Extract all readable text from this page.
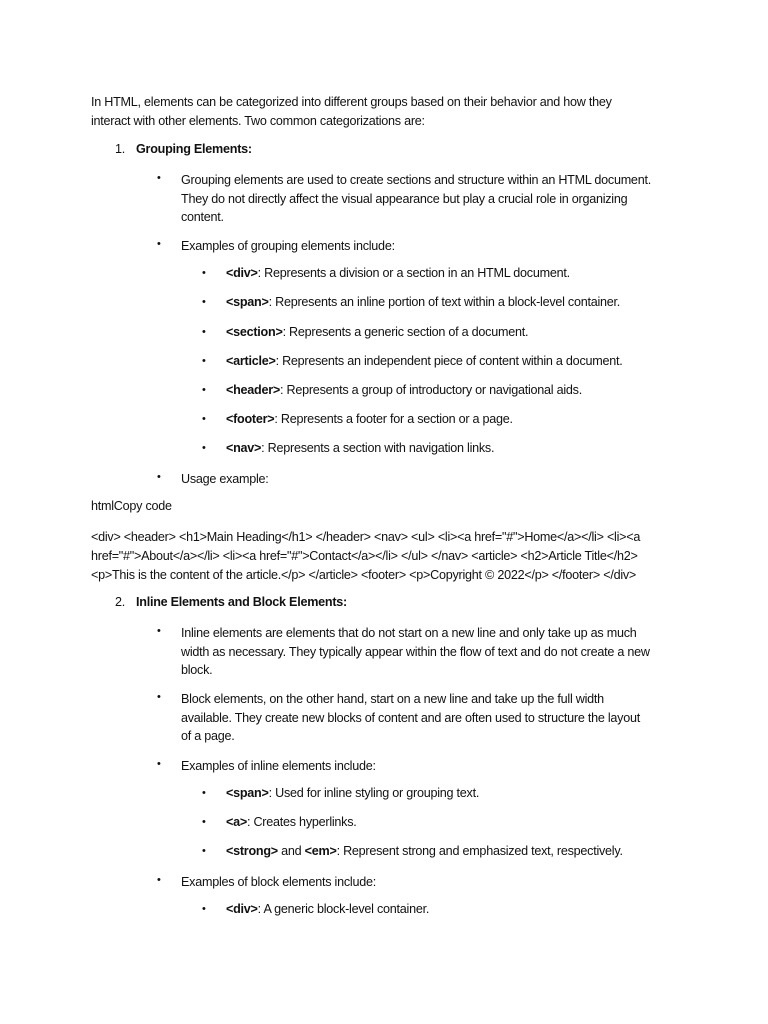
In HTML, elements can be categorized into different groups based on their behavior and how they
interact with other elements. Two common categorizations are:

1. Grouping Elements:
• Grouping elements are used to create sections and structure within an HTML document.
They do not directly affect the visual appearance but play a crucial role in organizing
content.

• Examples of grouping elements include:
• <div>: Represents a division or a section in an HTML document.
• <span>: Represents an inline portion of text within a block-level container.
• <section>: Represents a generic section of a document.
• <article>: Represents an independent piece of content within a document.
• <header>: Represents a group of introductory or navigational aids.
• <footer>: Represents a footer for a section or a page.
• <nav>: Represents a section with navigation links.
• Usage example:
htmlCopy code

<div> <header> <h1>Main Heading</h1> </header> <nav> <ul> <li><a href="#">Home</a></li> <li><a
href="#">About</a></li> <li><a href="#">Contact</a></li> </ul> </nav> <article> <h2>Article Title</h2>
<p>This is the content of the article.</p> </article> <footer> <p>Copyright © 2022</p> </footer> </div>

2. Inline Elements and Block Elements:
• Inline elements are elements that do not start on a new line and only take up as much
width as necessary. They typically appear within the flow of text and do not create a new
block.

• Block elements, on the other hand, start on a new line and take up the full width
available. They create new blocks of content and are often used to structure the layout
of a page.

• Examples of inline elements include:
• <span>: Used for inline styling or grouping text.
• <a>: Creates hyperlinks.
• <strong> and <em>: Represent strong and emphasized text, respectively.
• Examples of block elements include:
• <div>: A generic block-level container.
